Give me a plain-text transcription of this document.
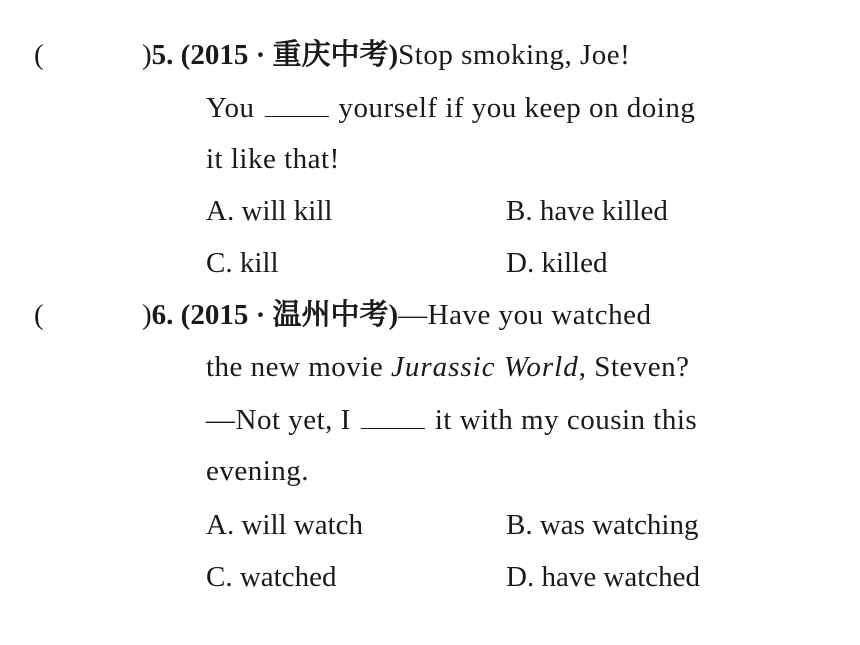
(	)5. (2015 · 重庆中考)Stop smoking, Joe!
You	yourself if you keep on doing
it like that!
A. will kill	B. have killed
C. kill	D. killed
(	)6. (2015 · 温州中考)—Have you watched
the new movie Jurassic World, Steven?
—Not yet, I	it with my cousin this
evening.
A. will watch	B. was watching
C. watched	D. have watched
